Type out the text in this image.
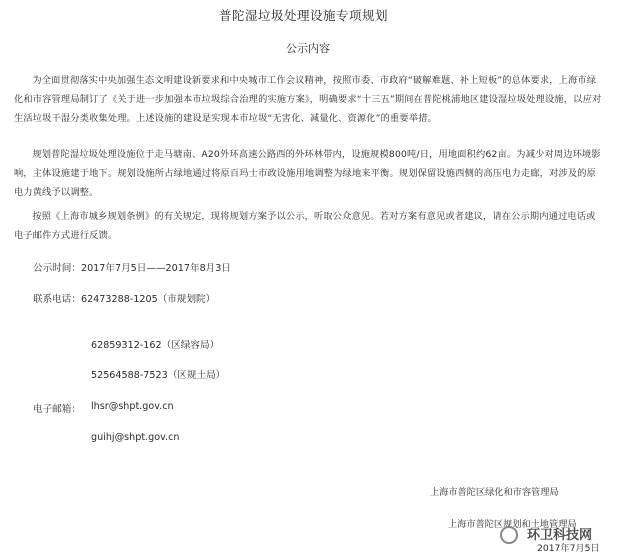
普陀湿垃圾处理设施专项规划
公示内容
为全面贯彻落实中央加强生态文明建设新要求和中央城市工作会议精神，按照市委、市政府“破解难题、补上短板”的总体要求，上海市绿化和市容管理局制订了《关于进一步加强本市垃圾综合治理的实施方案》，明确要求“十三五”期间在普陀桃浦地区建设湿垃圾处理设施，以应对生活垃圾干湿分类收集处理。上述设施的建设是实现本市垃圾“无害化、减量化、资源化”的重要举措。
规划普陀湿垃圾处理设施位于走马塘南、A20外环高速公路西的外环林带内，设施规模800吨/日，用地面积约62亩。为减少对周边环境影响，主体设施建于地下。规划设施所占绿地通过将原百玛士市政设施用地调整为绿地来平衡。规划保留设施西侧的高压电力走廊，对涉及的原电力黄线予以调整。
按照《上海市城乡规划条例》的有关规定，现将规划方案予以公示，听取公众意见。若对方案有意见或者建议，请在公示期内通过电话或电子邮件方式进行反馈。
公示时间：2017年7月5日——2017年8月3日
联系电话：62473288-1205（市规划院）
62859312-162（区绿容局）
52564588-7523（区规土局）
电子邮箱： lhsr@shpt.gov.cn
guihj@shpt.gov.cn
上海市普陀区绿化和市容管理局
上海市普陀区规划和土地管理局
2017年7月5日
环卫科技网
